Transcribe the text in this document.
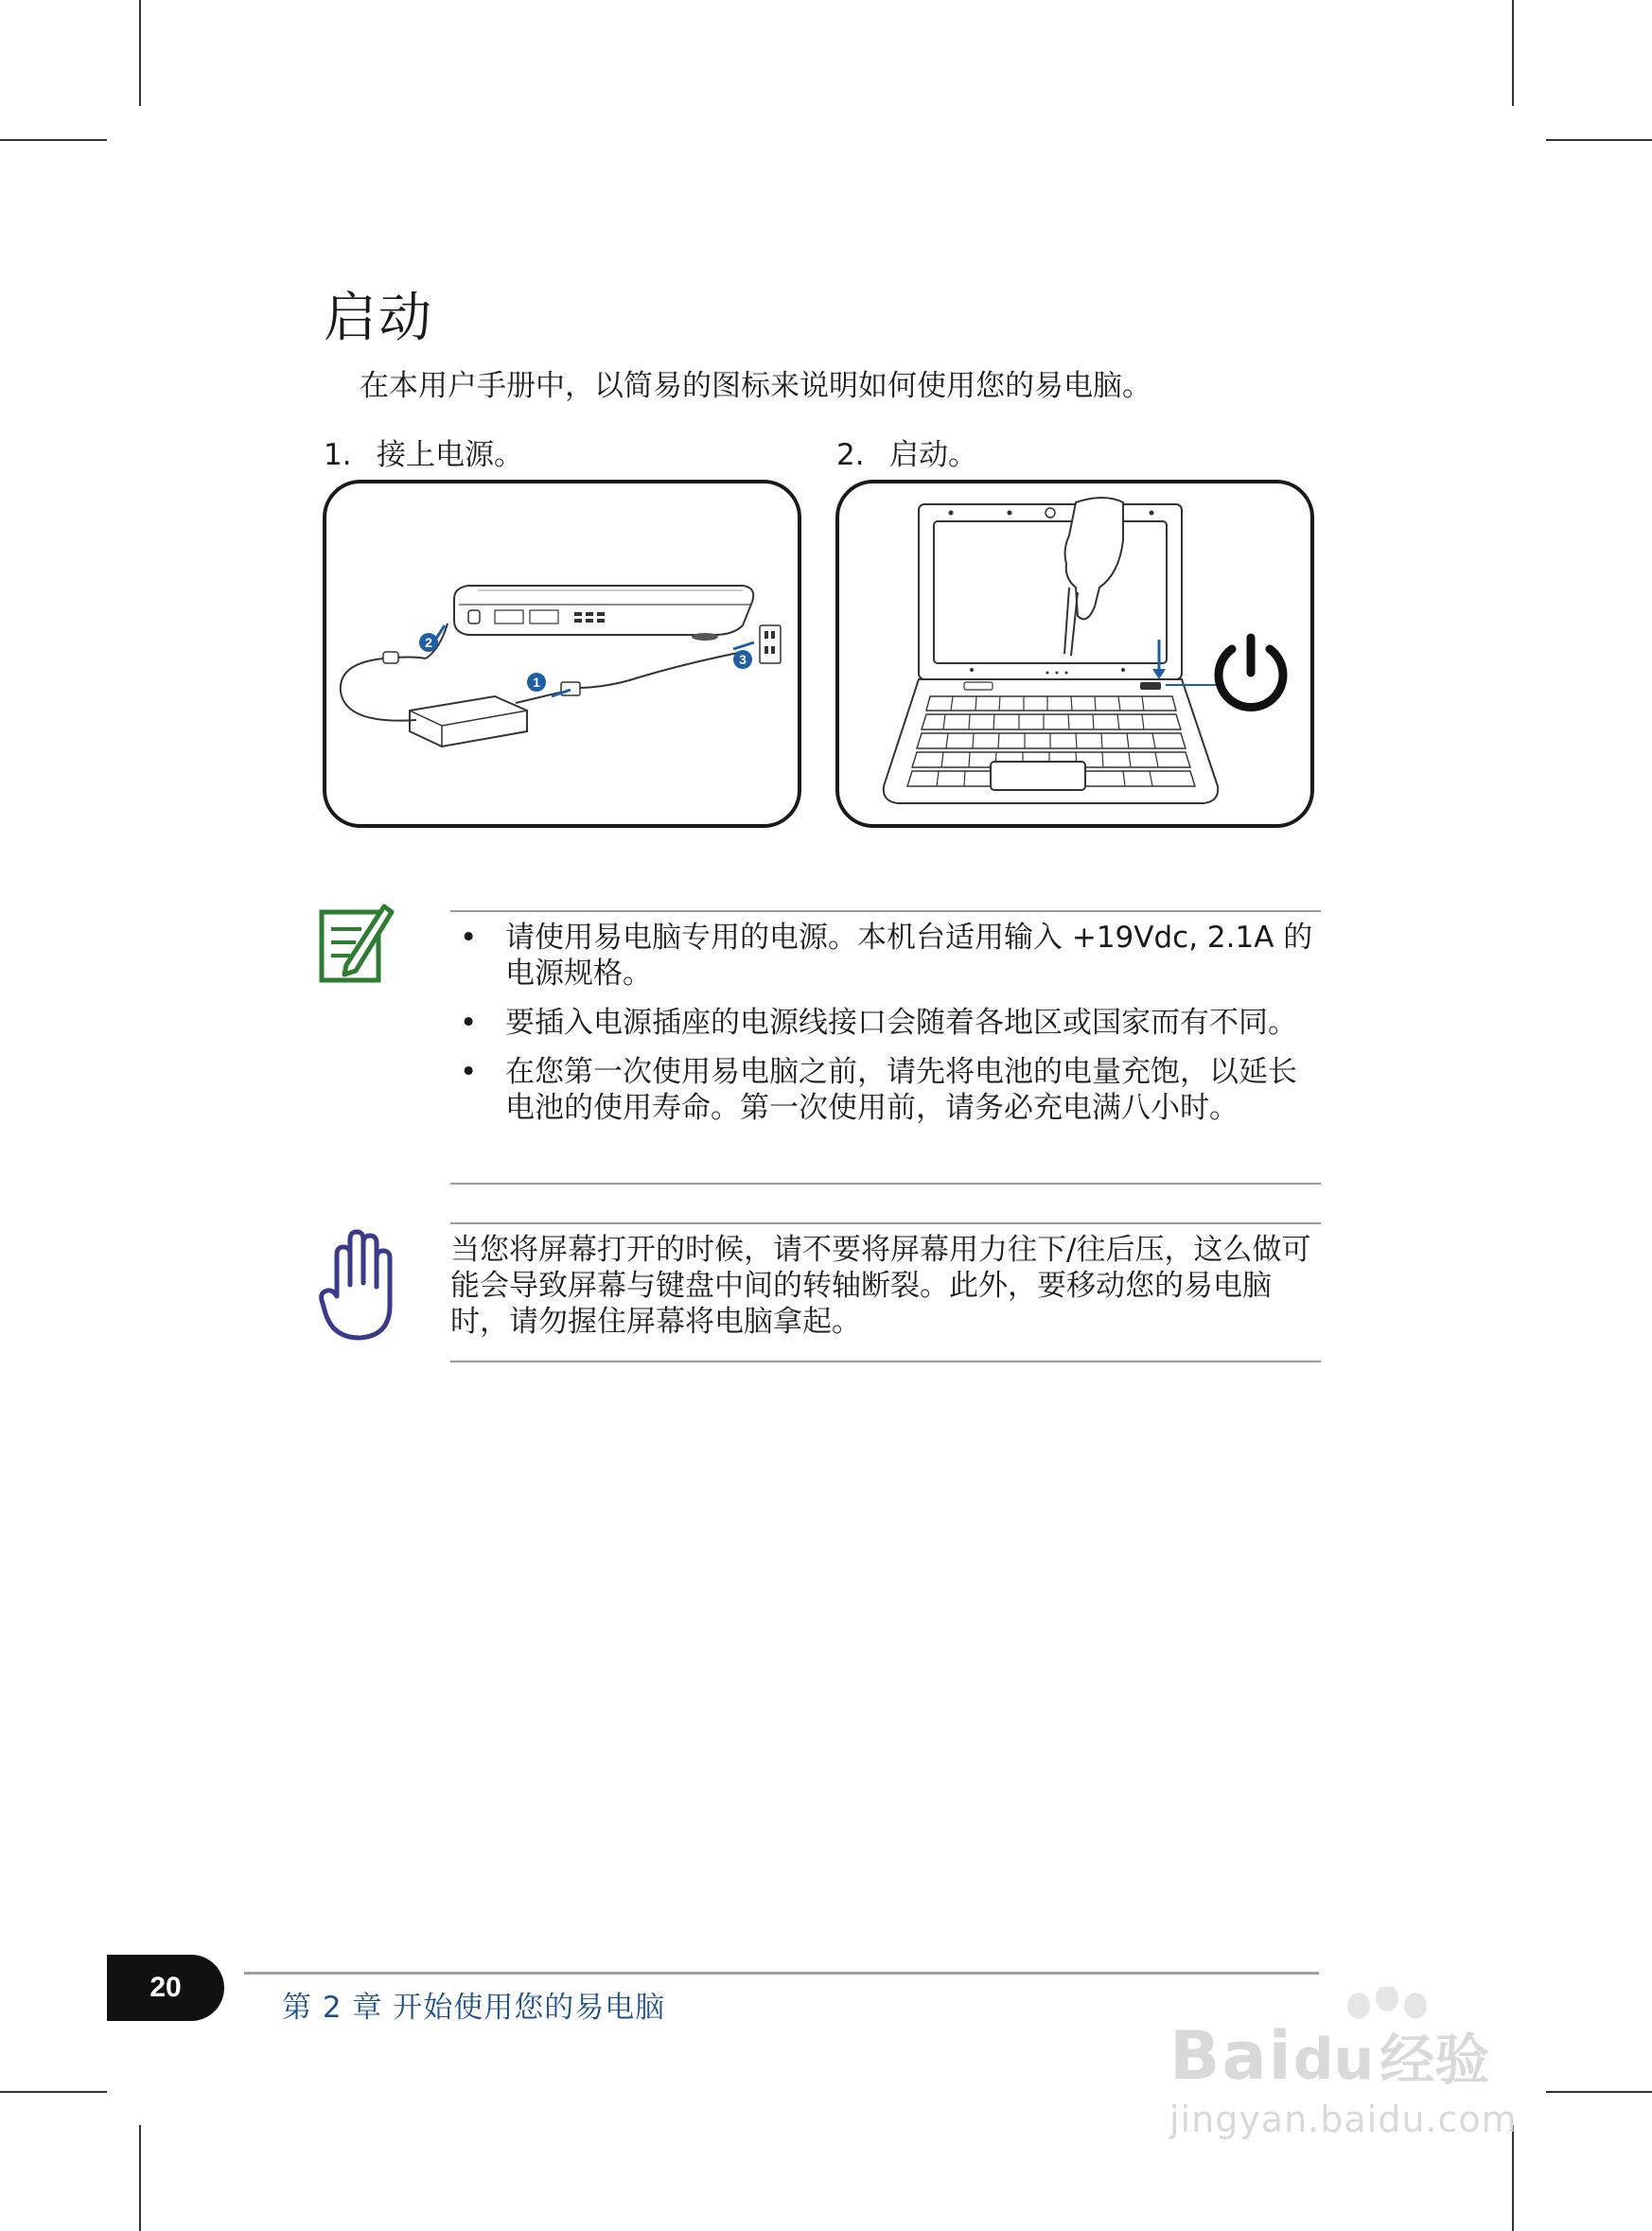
启动
在本用户手册中，以简易的图标来说明如何使用您的易电脑。
1. 接上电源。	2. 启动。
1
2
3
• 请使用易电脑专用的电源。本机台适用输入 +19Vdc, 2.1A 的电源规格。
• 要插入电源插座的电源线接口会随着各地区或国家而有不同。
• 在您第一次使用易电脑之前，请先将电池的电量充饱，以延长电池的使用寿命。第一次使用前，请务必充电满八小时。
当您将屏幕打开的时候，请不要将屏幕用力往下/往后压，这么做可能会导致屏幕与键盘中间的转轴断裂。此外，要移动您的易电脑时，请勿握住屏幕将电脑拿起。
20
第 2 章 开始使用您的易电脑
Baidu 经验
jingyan.baidu.com
